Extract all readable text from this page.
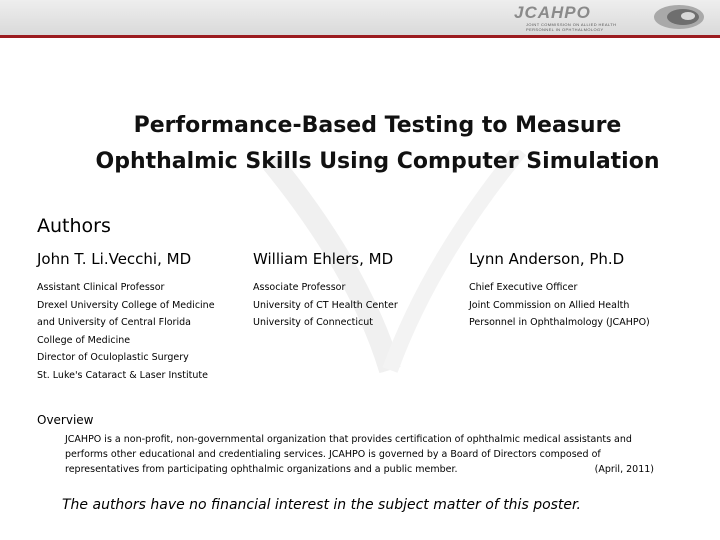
JCAHPO
JOINT COMMISSION ON ALLIED HEALTH
PERSONNEL IN OPHTHALMOLOGY
Performance-Based Testing to Measure
Ophthalmic Skills Using Computer Simulation
Authors
John T. Li.Vecchi, MD
Assistant Clinical Professor
Drexel University College of Medicine
and University of Central Florida
College of Medicine
Director of Oculoplastic Surgery
St. Luke's Cataract & Laser Institute
William Ehlers, MD
Associate Professor
University of CT Health Center
University of Connecticut
Lynn Anderson, Ph.D
Chief Executive Officer
Joint Commission on Allied Health
Personnel in Ophthalmology (JCAHPO)
Overview
JCAHPO is a non-profit, non-governmental organization that provides certification of ophthalmic medical assistants and
performs other educational and credentialing services. JCAHPO is governed by a Board of Directors composed of
representatives from participating ophthalmic organizations and a public member.	(April, 2011)
The authors have no financial interest in the subject matter of this poster.
